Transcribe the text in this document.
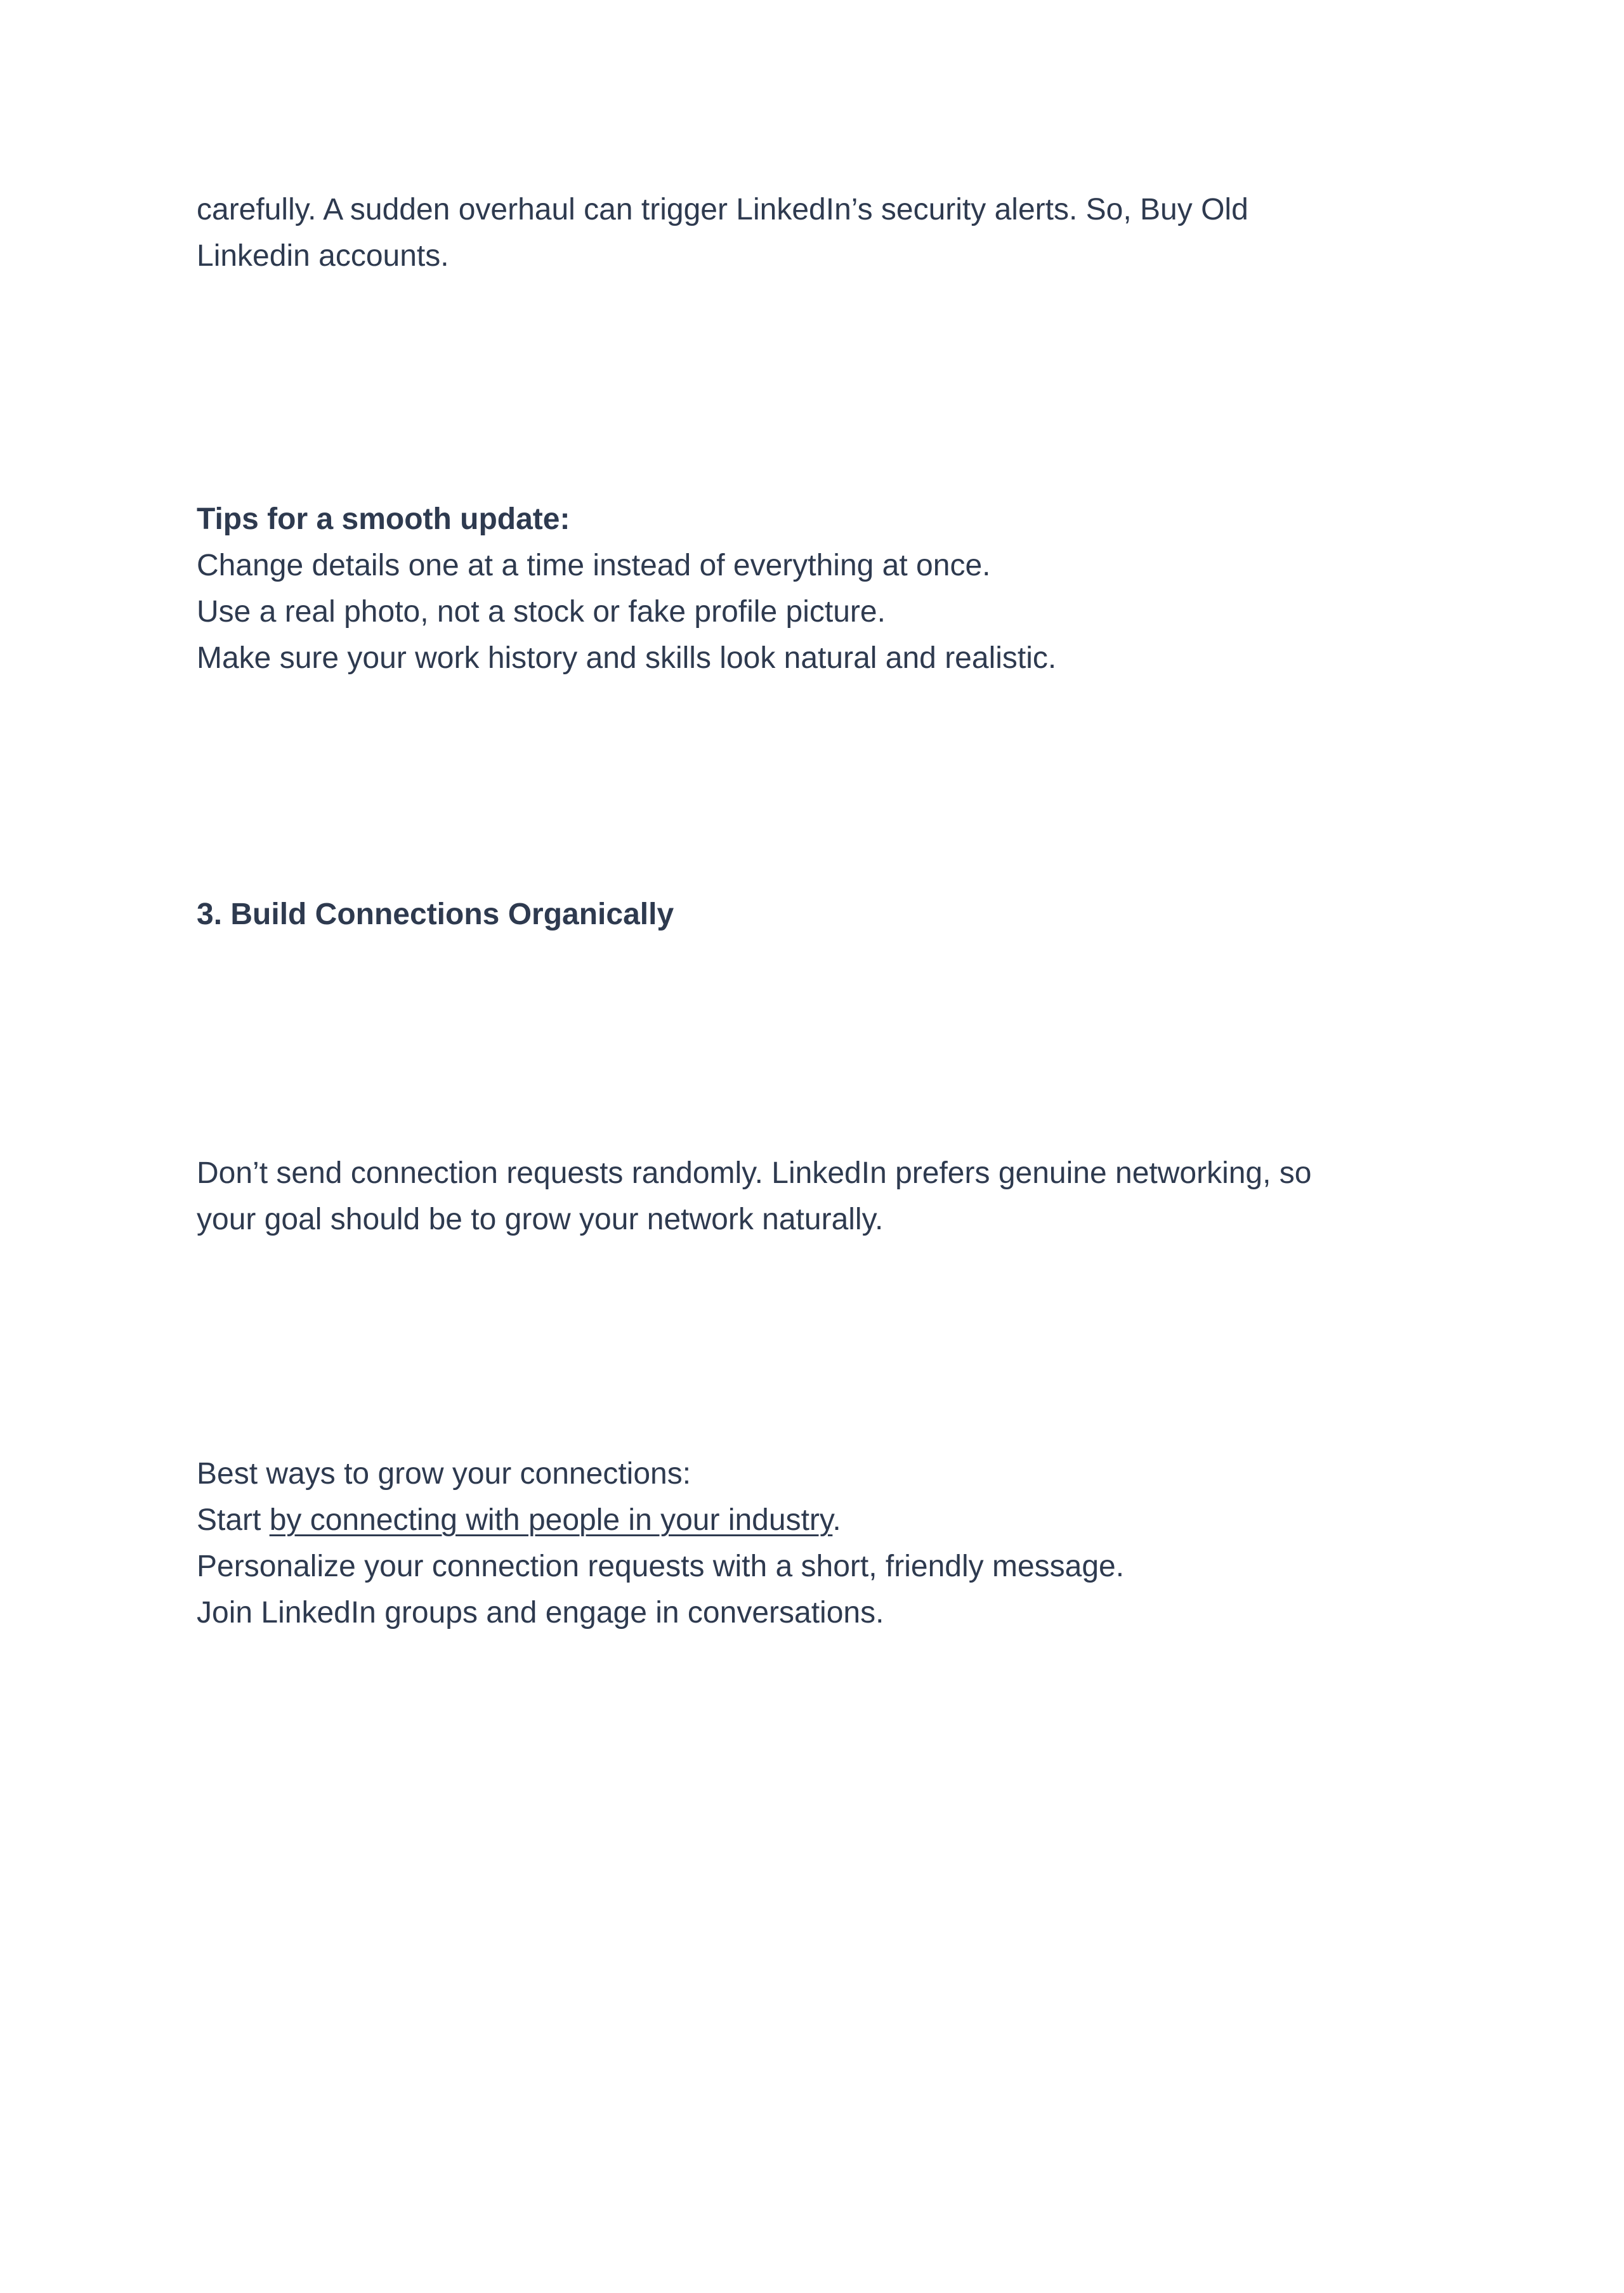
carefully. A sudden overhaul can trigger LinkedIn’s security alerts. So, Buy Old

Linkedin accounts.

Tips for a smooth update:

Change details one at a time instead of everything at once.

Use a real photo, not a stock or fake profile picture.

Make sure your work history and skills look natural and realistic.

3. Build Connections Organically

Don’t send connection requests randomly. LinkedIn prefers genuine networking, so

your goal should be to grow your network naturally.

Best ways to grow your connections:

Start by connecting with people in your industry.

Personalize your connection requests with a short, friendly message.

Join LinkedIn groups and engage in conversations.
